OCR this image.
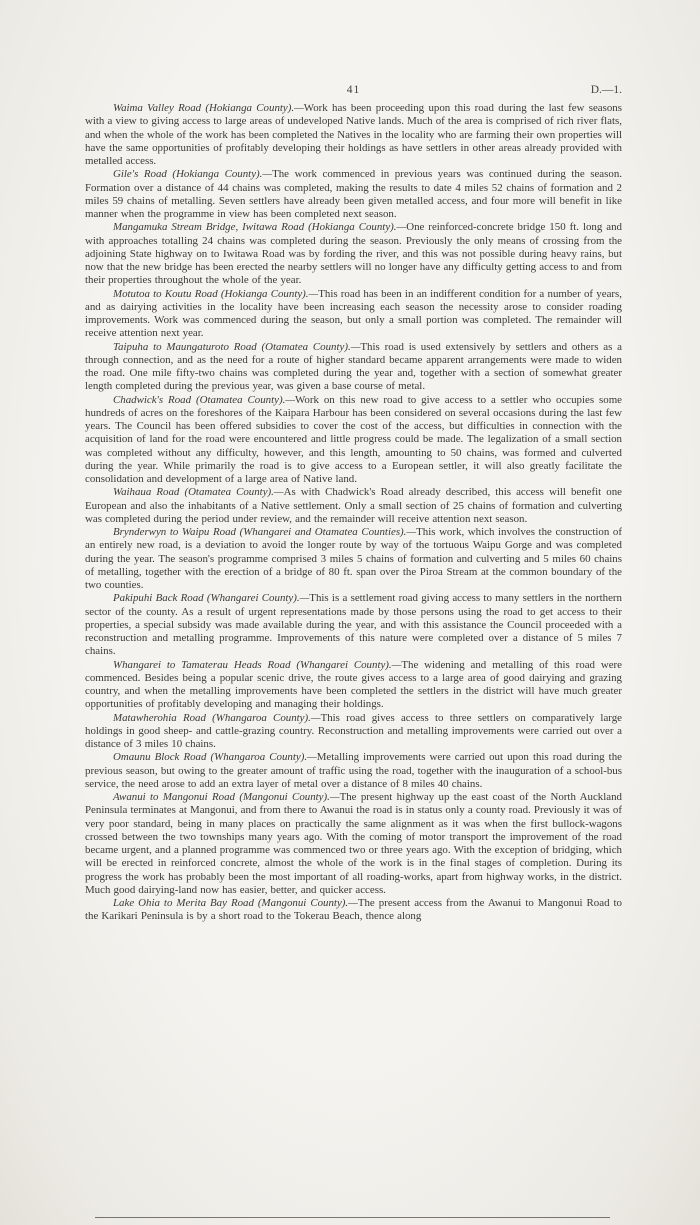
41	D.—1.

Waima Valley Road (Hokianga County).—Work has been proceeding upon this road during the last few seasons with a view to giving access to large areas of undeveloped Native lands. Much of the area is comprised of rich river flats, and when the whole of the work has been completed the Natives in the locality who are farming their own properties will have the same opportunities of profitably developing their holdings as have settlers in other areas already provided with metalled access.

Gile's Road (Hokianga County).—The work commenced in previous years was continued during the season. Formation over a distance of 44 chains was completed, making the results to date 4 miles 52 chains of formation and 2 miles 59 chains of metalling. Seven settlers have already been given metalled access, and four more will benefit in like manner when the programme in view has been completed next season.

Mangamuka Stream Bridge, Iwitawa Road (Hokianga County).—One reinforced-concrete bridge 150 ft. long and with approaches totalling 24 chains was completed during the season. Previously the only means of crossing from the adjoining State highway on to Iwitawa Road was by fording the river, and this was not possible during heavy rains, but now that the new bridge has been erected the nearby settlers will no longer have any difficulty getting access to and from their properties throughout the whole of the year.

Motutoa to Koutu Road (Hokianga County).—This road has been in an indifferent condition for a number of years, and as dairying activities in the locality have been increasing each season the necessity arose to consider roading improvements. Work was commenced during the season, but only a small portion was completed. The remainder will receive attention next year.

Taipuha to Maungaturoto Road (Otamatea County).—This road is used extensively by settlers and others as a through connection, and as the need for a route of higher standard became apparent arrangements were made to widen the road. One mile fifty-two chains was completed during the year and, together with a section of somewhat greater length completed during the previous year, was given a base course of metal.

Chadwick's Road (Otamatea County).—Work on this new road to give access to a settler who occupies some hundreds of acres on the foreshores of the Kaipara Harbour has been considered on several occasions during the last few years. The Council has been offered subsidies to cover the cost of the access, but difficulties in connection with the acquisition of land for the road were encountered and little progress could be made. The legalization of a small section was completed without any difficulty, however, and this length, amounting to 50 chains, was formed and culverted during the year. While primarily the road is to give access to a European settler, it will also greatly facilitate the consolidation and development of a large area of Native land.

Waihaua Road (Otamatea County).—As with Chadwick's Road already described, this access will benefit one European and also the inhabitants of a Native settlement. Only a small section of 25 chains of formation and culverting was completed during the period under review, and the remainder will receive attention next season.

Brynderwyn to Waipu Road (Whangarei and Otamatea Counties).—This work, which involves the construction of an entirely new road, is a deviation to avoid the longer route by way of the tortuous Waipu Gorge and was completed during the year. The season's programme comprised 3 miles 5 chains of formation and culverting and 5 miles 60 chains of metalling, together with the erection of a bridge of 80 ft. span over the Piroa Stream at the common boundary of the two counties.

Pakipuhi Back Road (Whangarei County).—This is a settlement road giving access to many settlers in the northern sector of the county. As a result of urgent representations made by those persons using the road to get access to their properties, a special subsidy was made available during the year, and with this assistance the Council proceeded with a reconstruction and metalling programme. Improvements of this nature were completed over a distance of 5 miles 7 chains.

Whangarei to Tamaterau Heads Road (Whangarei County).—The widening and metalling of this road were commenced. Besides being a popular scenic drive, the route gives access to a large area of good dairying and grazing country, and when the metalling improvements have been completed the settlers in the district will have much greater opportunities of profitably developing and managing their holdings.

Matawherohia Road (Whangaroa County).—This road gives access to three settlers on comparatively large holdings in good sheep- and cattle-grazing country. Reconstruction and metalling improvements were carried out over a distance of 3 miles 10 chains.

Omaunu Block Road (Whangaroa County).—Metalling improvements were carried out upon this road during the previous season, but owing to the greater amount of traffic using the road, together with the inauguration of a school-bus service, the need arose to add an extra layer of metal over a distance of 8 miles 40 chains.

Awanui to Mangonui Road (Mangonui County).—The present highway up the east coast of the North Auckland Peninsula terminates at Mangonui, and from there to Awanui the road is in status only a county road. Previously it was of very poor standard, being in many places on practically the same alignment as it was when the first bullock-wagons crossed between the two townships many years ago. With the coming of motor transport the improvement of the road became urgent, and a planned programme was commenced two or three years ago. With the exception of bridging, which will be erected in reinforced concrete, almost the whole of the work is in the final stages of completion. During its progress the work has probably been the most important of all roading-works, apart from highway works, in the district. Much good dairying-land now has easier, better, and quicker access.

Lake Ohia to Merita Bay Road (Mangonui County).—The present access from the Awanui to Mangonui Road to the Karikari Peninsula is by a short road to the Tokerau Beach, thence along
